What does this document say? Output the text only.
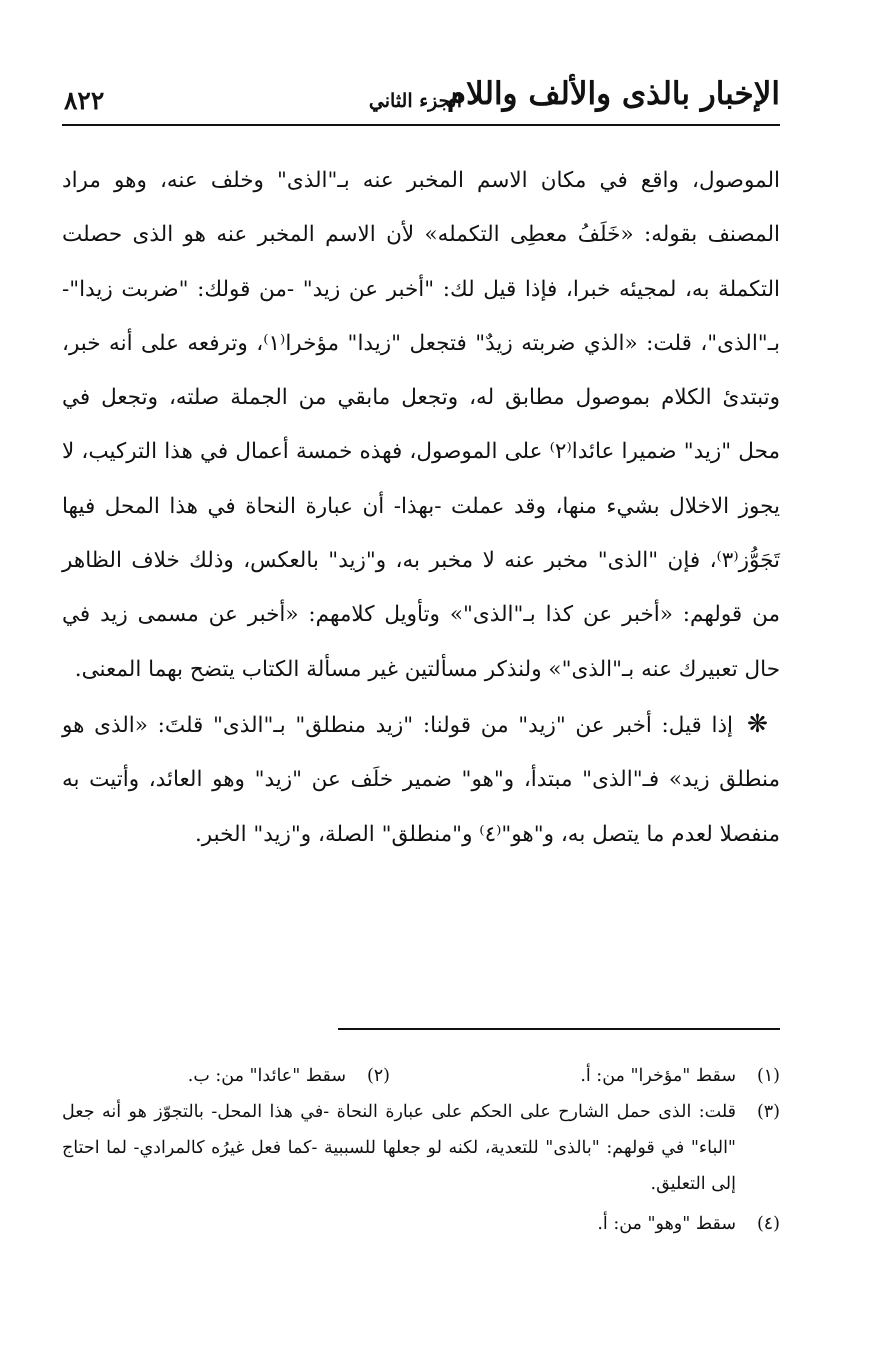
الإخبار بالذى والألف واللام
الجزء الثاني
٨٢٢

الموصول، واقع في مكان الاسم المخبر عنه بـ"الذى" وخلف عنه، وهو مراد المصنف بقوله: «خَلَفُ معطِى التكمله» لأن الاسم المخبر عنه هو الذى حصلت التكملة به، لمجيئه خبرا، فإذا قيل لك: "أخبر عن زيد" -من قولك: "ضربت زيدا"- بـ"الذى"، قلت: «الذي ضربته زيدٌ" فتجعل "زيدا" مؤخرا⁽١⁾، وترفعه على أنه خبر، وتبتدئ الكلام بموصول مطابق له، وتجعل مابقي من الجملة صلته، وتجعل في محل "زيد" ضميرا عائدا⁽٢⁾ على الموصول، فهذه خمسة أعمال في هذا التركيب، لا يجوز الاخلال بشيء منها، وقد عملت -بهذا- أن عبارة النحاة في هذا المحل فيها تَجَوُّز⁽٣⁾، فإن "الذى" مخبر عنه لا مخبر به، و"زيد" بالعكس، وذلك خلاف الظاهر من قولهم: «أخبر عن كذا بـ"الذى"» وتأويل كلامهم: «أخبر عن مسمى زيد في حال تعبيرك عنه بـ"الذى"» ولنذكر مسألتين غير مسألة الكتاب يتضح بهما المعنى.

❋إذا قيل: أخبر عن "زيد" من قولنا: "زيد منطلق" بـ"الذى" قلتَ: «الذى هو منطلق زيد» فـ"الذى" مبتدأ، و"هو" ضمير خلَف عن "زيد" وهو العائد، وأتيت به منفصلا لعدم ما يتصل به، و"هو"⁽٤⁾ و"منطلق" الصلة، و"زيد" الخبر.

(١)
سقط "مؤخرا" من: أ.
(٢)
سقط "عائدا" من: ب.
(٣)
قلت: الذى حمل الشارح على الحكم على عبارة النحاة -في هذا المحل- بالتجوّز هو أنه جعل "الباء" في قولهم: "بالذى" للتعدية، لكنه لو جعلها للسببية -كما فعل غيرُه كالمرادي- لما احتاج إلى التعليق.
(٤)
سقط "وهو" من: أ.
